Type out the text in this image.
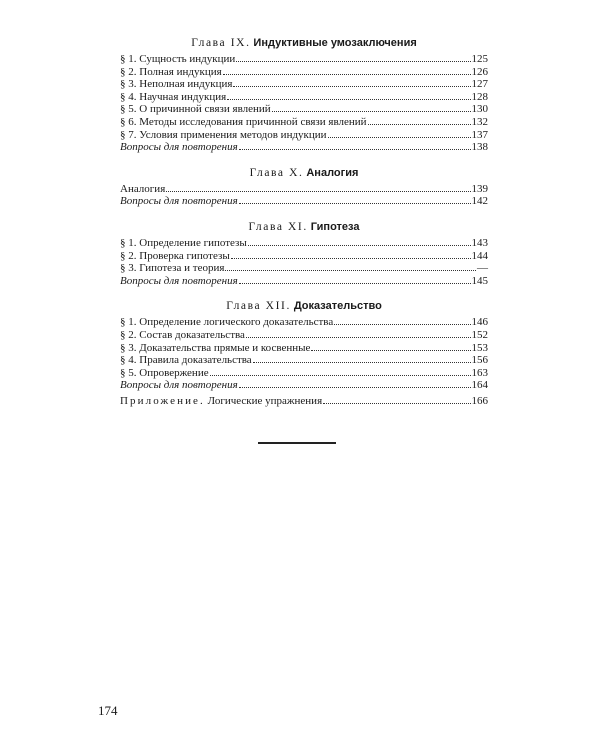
Глава IX. Индуктивные умозаключения
§ 1. Сущность индукции	125
§ 2. Полная индукция	126
§ 3. Неполная индукция	127
§ 4. Научная индукция	128
§ 5. О причинной связи явлений	130
§ 6. Методы исследования причинной связи явлений	132
§ 7. Условия применения методов индукции	137
Вопросы для повторения	138
Глава X. Аналогия
Аналогия	139
Вопросы для повторения	142
Глава XI. Гипотеза
§ 1. Определение гипотезы	143
§ 2. Проверка гипотезы	144
§ 3. Гипотеза и теория	—
Вопросы для повторения	145
Глава XII. Доказательство
§ 1. Определение логического доказательства	146
§ 2. Состав доказательства	152
§ 3. Доказательства прямые и косвенные	153
§ 4. Правила доказательства	156
§ 5. Опровержение	163
Вопросы для повторения	164
Приложение. Логические упражнения	166
174
